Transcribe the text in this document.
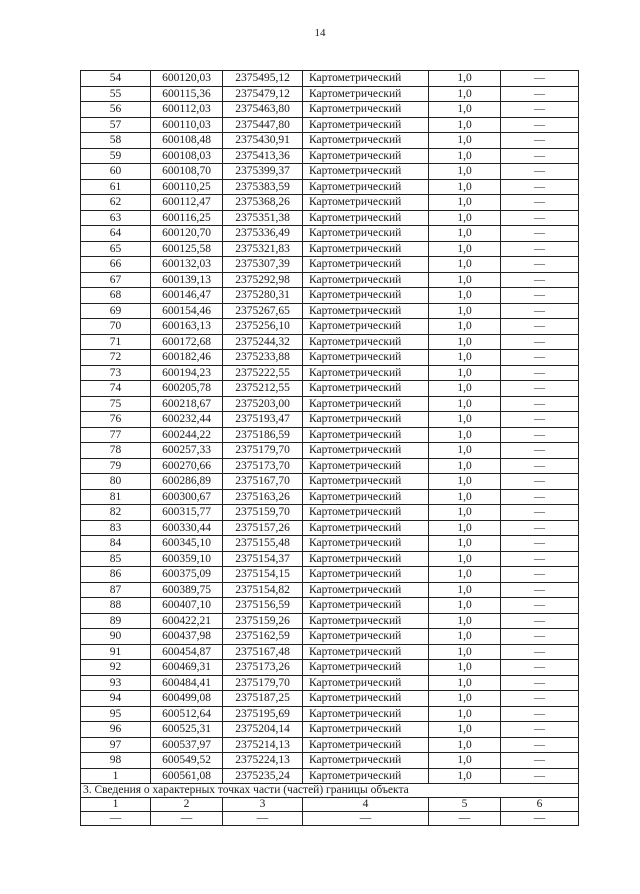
14
54	600120,03	2375495,12	Картометрический	1,0	—
55	600115,36	2375479,12	Картометрический	1,0	—
56	600112,03	2375463,80	Картометрический	1,0	—
57	600110,03	2375447,80	Картометрический	1,0	—
58	600108,48	2375430,91	Картометрический	1,0	—
59	600108,03	2375413,36	Картометрический	1,0	—
60	600108,70	2375399,37	Картометрический	1,0	—
61	600110,25	2375383,59	Картометрический	1,0	—
62	600112,47	2375368,26	Картометрический	1,0	—
63	600116,25	2375351,38	Картометрический	1,0	—
64	600120,70	2375336,49	Картометрический	1,0	—
65	600125,58	2375321,83	Картометрический	1,0	—
66	600132,03	2375307,39	Картометрический	1,0	—
67	600139,13	2375292,98	Картометрический	1,0	—
68	600146,47	2375280,31	Картометрический	1,0	—
69	600154,46	2375267,65	Картометрический	1,0	—
70	600163,13	2375256,10	Картометрический	1,0	—
71	600172,68	2375244,32	Картометрический	1,0	—
72	600182,46	2375233,88	Картометрический	1,0	—
73	600194,23	2375222,55	Картометрический	1,0	—
74	600205,78	2375212,55	Картометрический	1,0	—
75	600218,67	2375203,00	Картометрический	1,0	—
76	600232,44	2375193,47	Картометрический	1,0	—
77	600244,22	2375186,59	Картометрический	1,0	—
78	600257,33	2375179,70	Картометрический	1,0	—
79	600270,66	2375173,70	Картометрический	1,0	—
80	600286,89	2375167,70	Картометрический	1,0	—
81	600300,67	2375163,26	Картометрический	1,0	—
82	600315,77	2375159,70	Картометрический	1,0	—
83	600330,44	2375157,26	Картометрический	1,0	—
84	600345,10	2375155,48	Картометрический	1,0	—
85	600359,10	2375154,37	Картометрический	1,0	—
86	600375,09	2375154,15	Картометрический	1,0	—
87	600389,75	2375154,82	Картометрический	1,0	—
88	600407,10	2375156,59	Картометрический	1,0	—
89	600422,21	2375159,26	Картометрический	1,0	—
90	600437,98	2375162,59	Картометрический	1,0	—
91	600454,87	2375167,48	Картометрический	1,0	—
92	600469,31	2375173,26	Картометрический	1,0	—
93	600484,41	2375179,70	Картометрический	1,0	—
94	600499,08	2375187,25	Картометрический	1,0	—
95	600512,64	2375195,69	Картометрический	1,0	—
96	600525,31	2375204,14	Картометрический	1,0	—
97	600537,97	2375214,13	Картометрический	1,0	—
98	600549,52	2375224,13	Картометрический	1,0	—
1	600561,08	2375235,24	Картометрический	1,0	—
3. Сведения о характерных точках части (частей) границы объекта					
1	2	3	4	5	6
—	—	—	—	—	—
